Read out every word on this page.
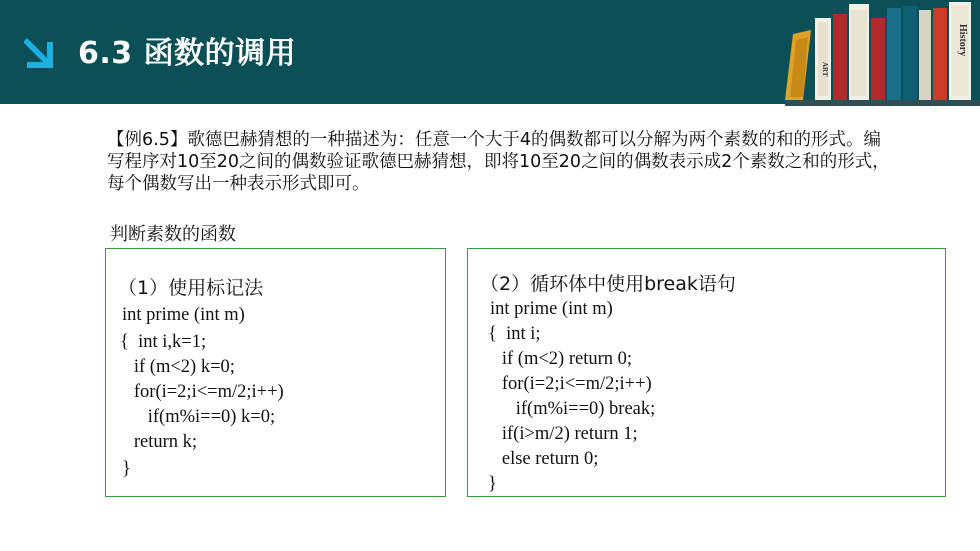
6.3 函数的调用	ART
History
【例6.5】歌德巴赫猜想的一种描述为：任意一个大于4的偶数都可以分解为两个素数的和的形式。编写程序对10至20之间的偶数验证歌德巴赫猜想，即将10至20之间的偶数表示成2个素数之和的形式，每个偶数写出一种表示形式即可。
判断素数的函数
（1）使用标记法
int prime (int m)
{  int i,k=1;
if (m<2) k=0;
for(i=2;i<=m/2;i++)
if(m%i==0) k=0;
return k;
}
（2）循环体中使用break语句
int prime (int m)
{  int i;
if (m<2) return 0;
for(i=2;i<=m/2;i++)
if(m%i==0) break;
if(i>m/2) return 1;
else return 0;
}
